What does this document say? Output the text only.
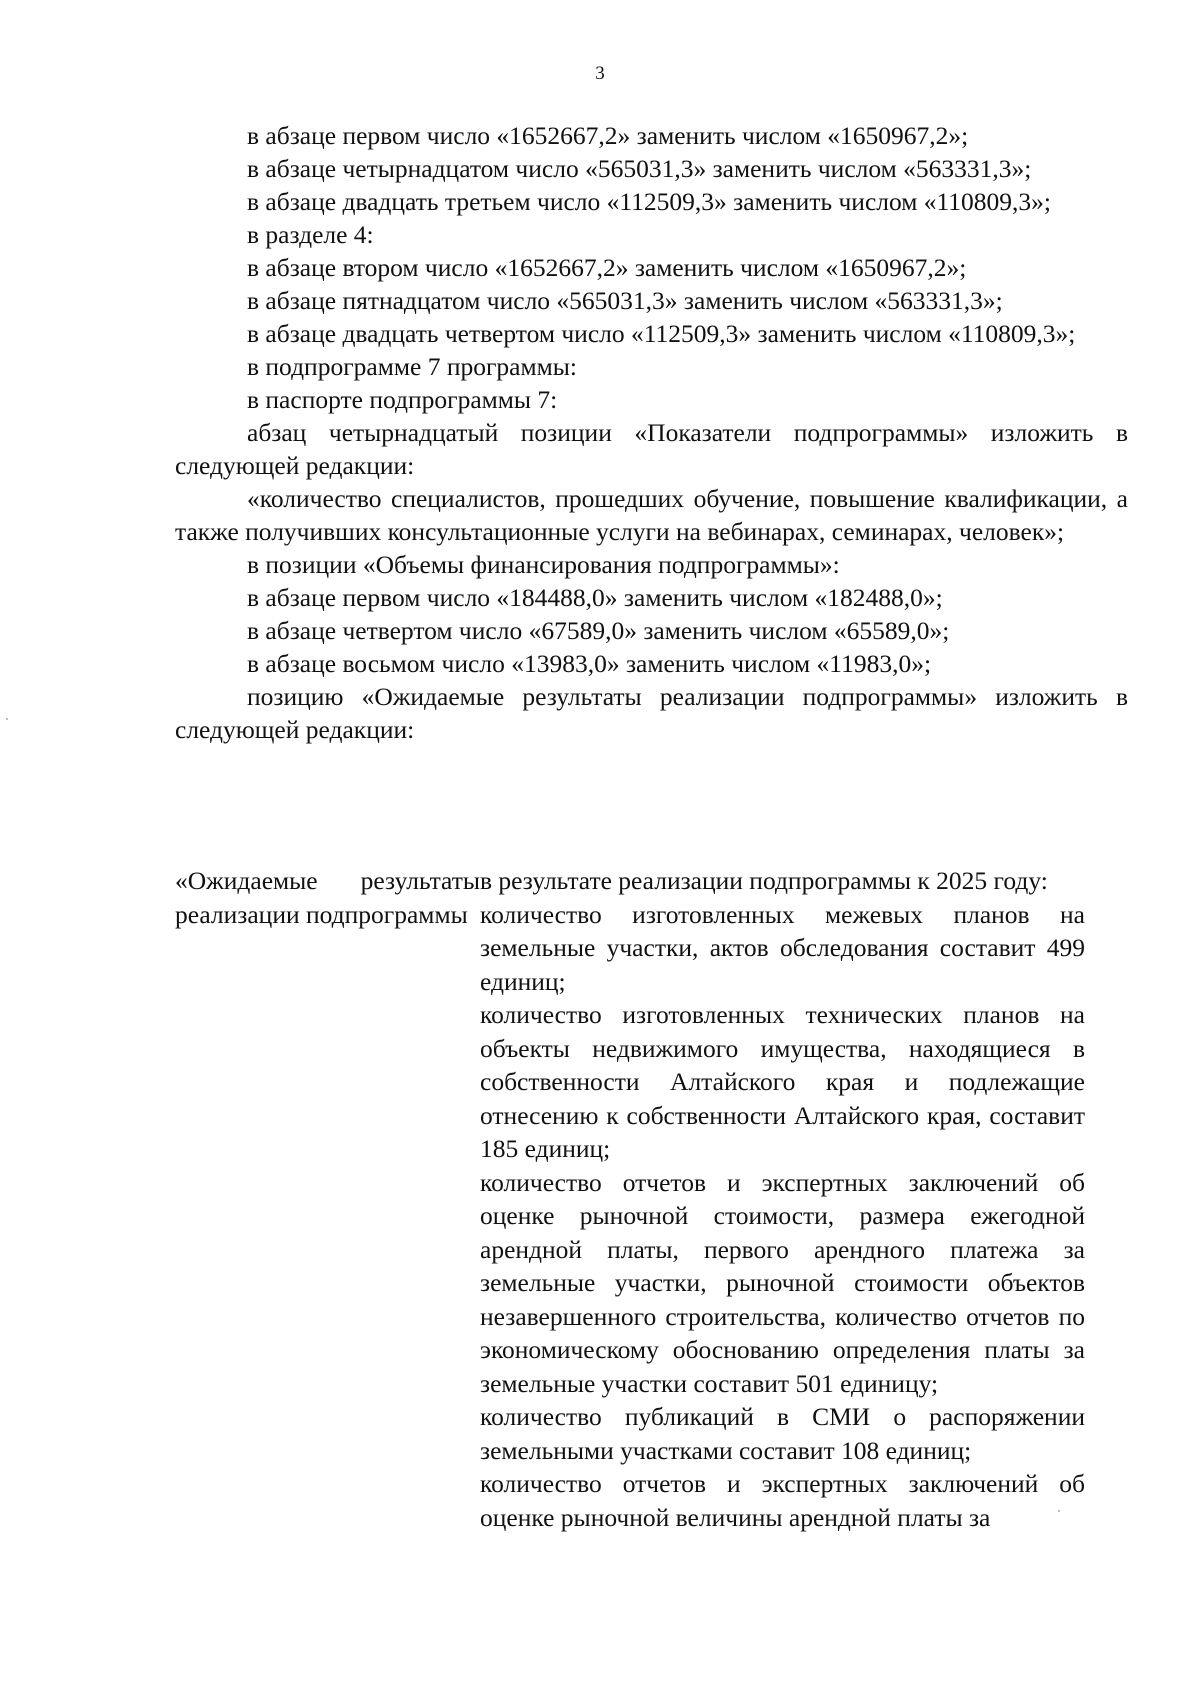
3

в абзаце первом число «1652667,2» заменить числом «1650967,2»;

в абзаце четырнадцатом число «565031,3» заменить числом «563331,3»;

в абзаце двадцать третьем число «112509,3» заменить числом «110809,3»;

в разделе 4:

в абзаце втором число «1652667,2» заменить числом «1650967,2»;

в абзаце пятнадцатом число «565031,3» заменить числом «563331,3»;

в абзаце двадцать четвертом число «112509,3» заменить числом «110809,3»;

в подпрограмме 7 программы:

в паспорте подпрограммы 7:

абзац четырнадцатый позиции «Показатели подпрограммы» изложить в следующей редакции:

«количество специалистов, прошедших обучение, повышение квалификации, а также получивших консультационные услуги на вебинарах, семинарах, человек»;

в позиции «Объемы финансирования подпрограммы»:

в абзаце первом число «184488,0» заменить числом «182488,0»;

в абзаце четвертом число «67589,0» заменить числом «65589,0»;

в абзаце восьмом число «13983,0» заменить числом «11983,0»;

позицию «Ожидаемые результаты реализации подпрограммы» изложить в следующей редакции:

«Ожидаемые результаты реализации подпрограммы

в результате реализации подпрограммы к 2025 году:

количество изготовленных межевых планов на земельные участки, актов обследования составит 499 единиц;

количество изготовленных технических планов на объекты недвижимого имущества, находящиеся в собственности Алтайского края и подлежащие отнесению к собственности Алтайского края, составит 185 единиц;

количество отчетов и экспертных заключений об оценке рыночной стоимости, размера ежегодной арендной платы, первого арендного платежа за земельные участки, рыночной стоимости объектов незавершенного строительства, количество отчетов по экономическому обоснованию определения платы за земельные участки составит 501 единицу;

количество публикаций в СМИ о распоряжении земельными участками составит 108 единиц;

количество отчетов и экспертных заключений об оценке рыночной величины арендной платы за
